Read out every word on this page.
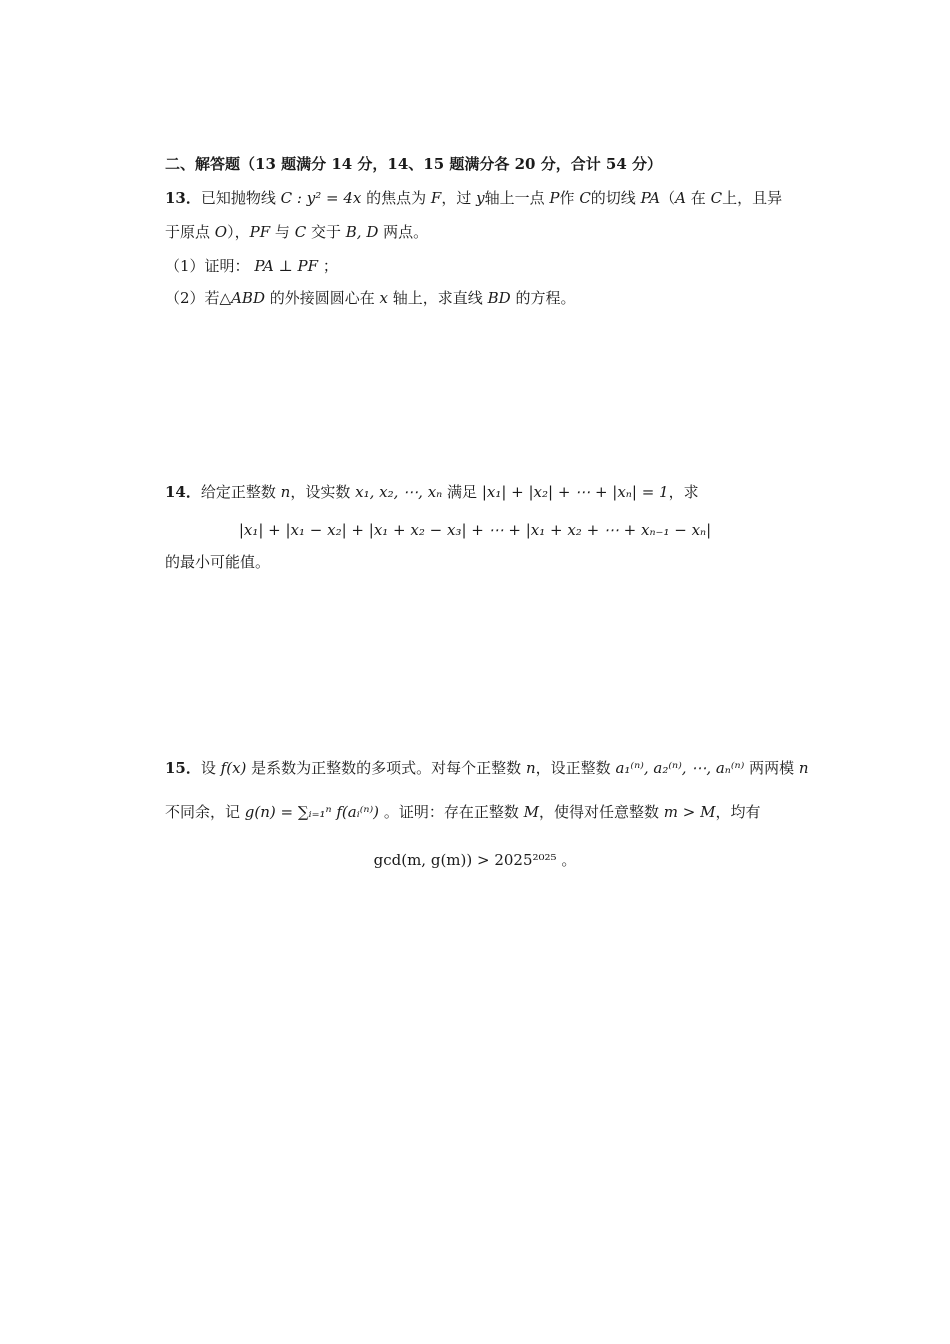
二、解答题（13 题满分 14 分，14、15 题满分各 20 分，合计 54 分）
13．已知抛物线 C : y² = 4x 的焦点为 F，过 y轴上一点 P作 C的切线 PA（A 在 C上，且异
于原点 O），PF 与 C 交于 B, D 两点。
（1）证明： PA ⊥ PF ；
（2）若△ABD 的外接圆圆心在 x 轴上，求直线 BD 的方程。
14．给定正整数 n，设实数 x₁, x₂, ⋯, xₙ 满足 |x₁| + |x₂| + ⋯ + |xₙ| = 1，求
|x₁| + |x₁ − x₂| + |x₁ + x₂ − x₃| + ⋯ + |x₁ + x₂ + ⋯ + xₙ₋₁ − xₙ|
的最小可能值。
15．设 f(x) 是系数为正整数的多项式。对每个正整数 n，设正整数 a₁⁽ⁿ⁾, a₂⁽ⁿ⁾, ⋯, aₙ⁽ⁿ⁾ 两两模 n
不同余，记 g(n) = ∑ᵢ₌₁ⁿ f(aᵢ⁽ⁿ⁾) 。证明：存在正整数 M，使得对任意整数 m > M，均有
gcd(m, g(m)) > 2025²⁰²⁵ 。
